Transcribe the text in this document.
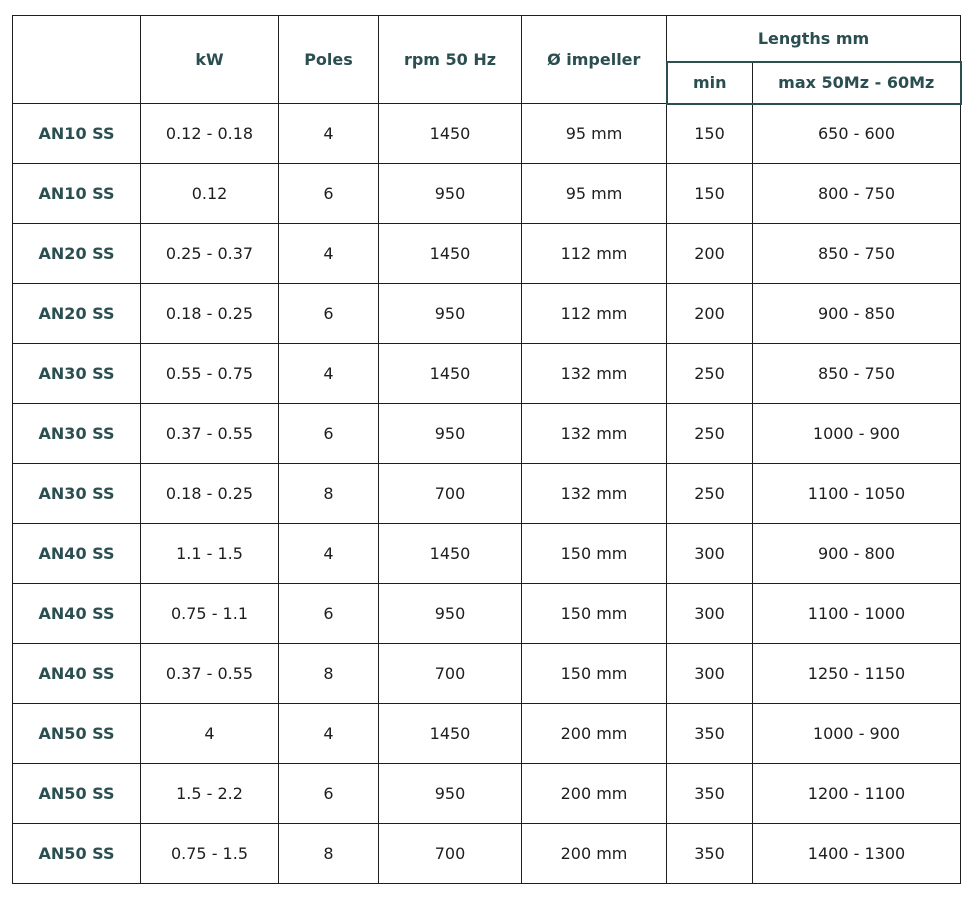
	kW	Poles	rpm 50 Hz	Ø impeller	Lengths mm	
					min	max 50Mz - 60Mz
AN10 SS	0.12 - 0.18	4	1450	95 mm	150	650 - 600
AN10 SS	0.12	6	950	95 mm	150	800 - 750
AN20 SS	0.25 - 0.37	4	1450	112 mm	200	850 - 750
AN20 SS	0.18 - 0.25	6	950	112 mm	200	900 - 850
AN30 SS	0.55 - 0.75	4	1450	132 mm	250	850 - 750
AN30 SS	0.37 - 0.55	6	950	132 mm	250	1000 - 900
AN30 SS	0.18 - 0.25	8	700	132 mm	250	1100 - 1050
AN40 SS	1.1 - 1.5	4	1450	150 mm	300	900 - 800
AN40 SS	0.75 - 1.1	6	950	150 mm	300	1100 - 1000
AN40 SS	0.37 - 0.55	8	700	150 mm	300	1250 - 1150
AN50 SS	4	4	1450	200 mm	350	1000 - 900
AN50 SS	1.5 - 2.2	6	950	200 mm	350	1200 - 1100
AN50 SS	0.75 - 1.5	8	700	200 mm	350	1400 - 1300
